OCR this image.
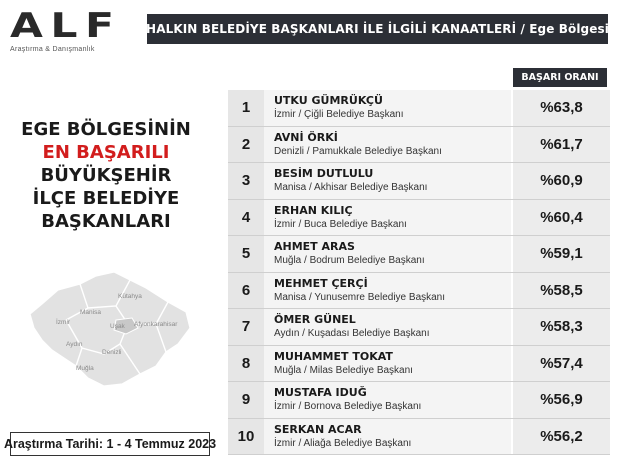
ALF
Araştırma & Danışmanlık
HALKIN BELEDİYE BAŞKANLARI İLE İLGİLİ KANAATLERİ / Ege Bölgesi
EGE BÖLGESİNİN
EN BAŞARILI
BÜYÜKŞEHİR
İLÇE BELEDİYE
BAŞKANLARI
Kütahya
Manisa
İzmir
Uşak Afyonkarahisar
Aydın
Denizli
Muğla
BAŞARI ORANI
1	UTKU GÜMRÜKÇÜ
İzmir / Çiğli Belediye Başkanı	%63,8
2	AVNİ ÖRKİ
Denizli / Pamukkale Belediye Başkanı	%61,7
3	BESİM DUTLULU
Manisa / Akhisar Belediye Başkanı	%60,9
4	ERHAN KILIÇ
İzmir / Buca Belediye Başkanı	%60,4
5	AHMET ARAS
Muğla / Bodrum Belediye Başkanı	%59,1
6	MEHMET ÇERÇİ
Manisa / Yunusemre Belediye Başkanı	%58,5
7	ÖMER GÜNEL
Aydın / Kuşadası Belediye Başkanı	%58,3
8	MUHAMMET TOKAT
Muğla / Milas Belediye Başkanı	%57,4
9	MUSTAFA IDUĞ
İzmir / Bornova Belediye Başkanı	%56,9
10	SERKAN ACAR
İzmir / Aliağa Belediye Başkanı	%56,2
Araştırma Tarihi: 1 - 4 Temmuz 2023
